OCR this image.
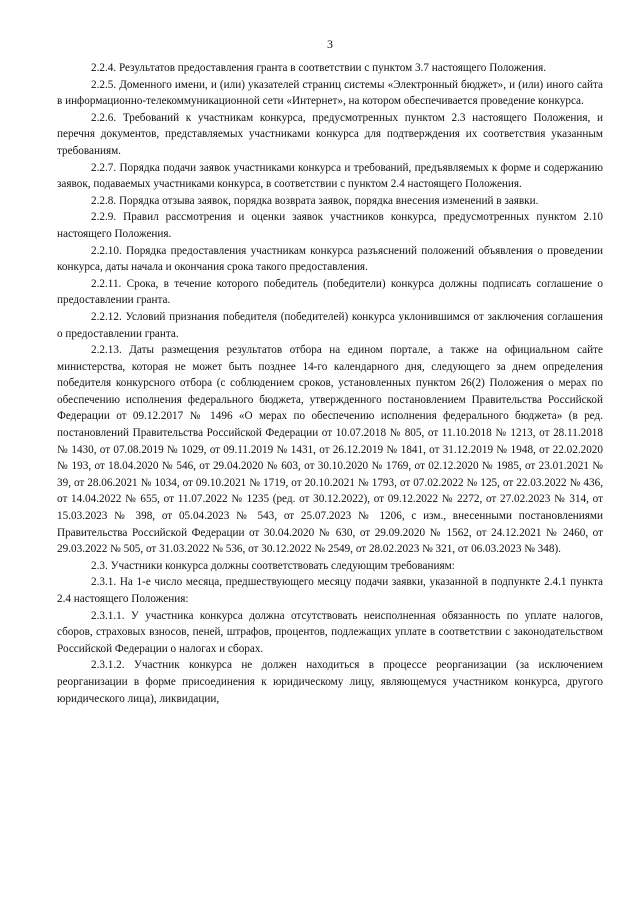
3

2.2.4. Результатов предоставления гранта в соответствии с пунктом 3.7 настоящего Положения.

2.2.5. Доменного имени, и (или) указателей страниц системы «Электронный бюджет», и (или) иного сайта в информационно-телекоммуникационной сети «Интернет», на котором обеспечивается проведение конкурса.

2.2.6. Требований к участникам конкурса, предусмотренных пунктом 2.3 настоящего Положения, и перечня документов, представляемых участниками конкурса для подтверждения их соответствия указанным требованиям.

2.2.7. Порядка подачи заявок участниками конкурса и требований, предъявляемых к форме и содержанию заявок, подаваемых участниками конкурса, в соответствии с пунктом 2.4 настоящего Положения.

2.2.8. Порядка отзыва заявок, порядка возврата заявок, порядка внесения изменений в заявки.

2.2.9. Правил рассмотрения и оценки заявок участников конкурса, предусмотренных пунктом 2.10 настоящего Положения.

2.2.10. Порядка предоставления участникам конкурса разъяснений положений объявления о проведении конкурса, даты начала и окончания срока такого предоставления.

2.2.11. Срока, в течение которого победитель (победители) конкурса должны подписать соглашение о предоставлении гранта.

2.2.12. Условий признания победителя (победителей) конкурса уклонившимся от заключения соглашения о предоставлении гранта.

2.2.13. Даты размещения результатов отбора на едином портале, а также на официальном сайте министерства, которая не может быть позднее 14-го календарного дня, следующего за днем определения победителя конкурсного отбора (с соблюдением сроков, установленных пунктом 26(2) Положения о мерах по обеспечению исполнения федерального бюджета, утвержденного постановлением Правительства Российской Федерации от 09.12.2017 № 1496 «О мерах по обеспечению исполнения федерального бюджета» (в ред. постановлений Правительства Российской Федерации от 10.07.2018 № 805, от 11.10.2018 № 1213, от 28.11.2018 № 1430, от 07.08.2019 № 1029, от 09.11.2019 № 1431, от 26.12.2019 № 1841, от 31.12.2019 № 1948, от 22.02.2020 № 193, от 18.04.2020 № 546, от 29.04.2020 № 603, от 30.10.2020 № 1769, от 02.12.2020 № 1985, от 23.01.2021 № 39, от 28.06.2021 № 1034, от 09.10.2021 № 1719, от 20.10.2021 № 1793, от 07.02.2022 № 125, от 22.03.2022 № 436, от 14.04.2022 № 655, от 11.07.2022 № 1235 (ред. от 30.12.2022), от 09.12.2022 № 2272, от 27.02.2023 № 314, от 15.03.2023 № 398, от 05.04.2023 № 543, от 25.07.2023 № 1206, с изм., внесенными постановлениями Правительства Российской Федерации от 30.04.2020 № 630, от 29.09.2020 № 1562, от 24.12.2021 № 2460, от 29.03.2022 № 505, от 31.03.2022 № 536, от 30.12.2022 № 2549, от 28.02.2023 № 321, от 06.03.2023 № 348).

2.3. Участники конкурса должны соответствовать следующим требованиям:

2.3.1. На 1-е число месяца, предшествующего месяцу подачи заявки, указанной в подпункте 2.4.1 пункта 2.4 настоящего Положения:

2.3.1.1. У участника конкурса должна отсутствовать неисполненная обязанность по уплате налогов, сборов, страховых взносов, пеней, штрафов, процентов, подлежащих уплате в соответствии с законодательством Российской Федерации о налогах и сборах.

2.3.1.2. Участник конкурса не должен находиться в процессе реорганизации (за исключением реорганизации в форме присоединения к юридическому лицу, являющемуся участником конкурса, другого юридического лица), ликвидации,
